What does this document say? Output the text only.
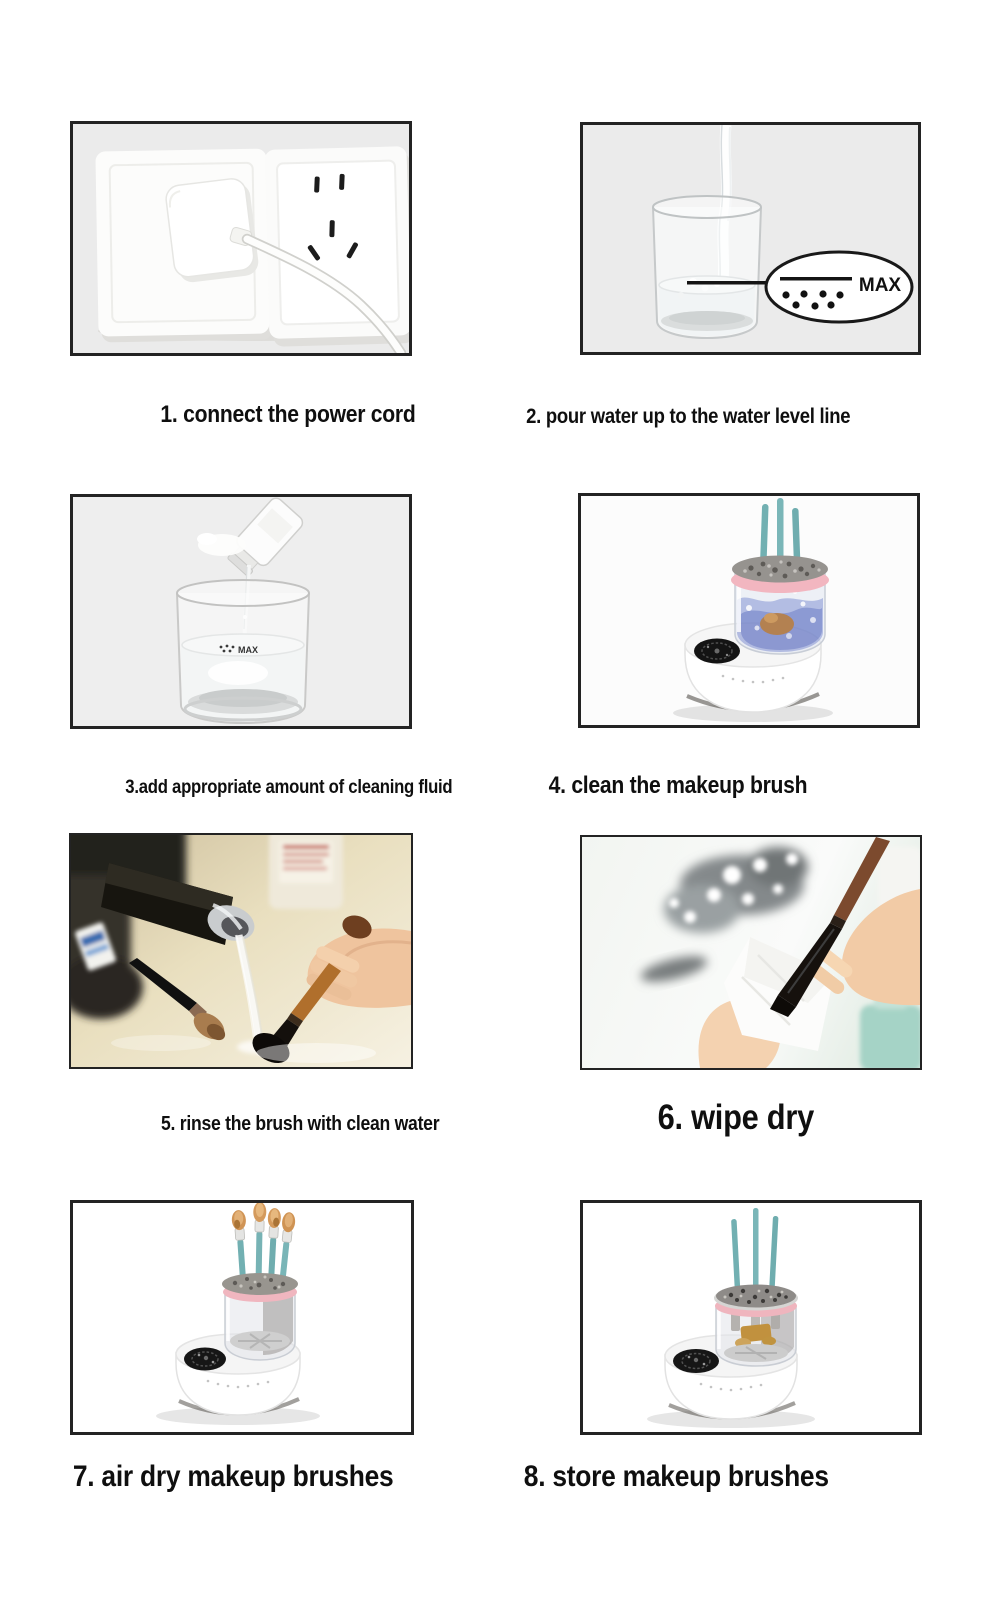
MAX
MAX
1. connect the power cord	2. pour water up to the water level line
3.add appropriate amount of cleaning fluid	4. clean the makeup brush
5. rinse the brush with clean water	6. wipe dry
7. air dry makeup brushes	8. store makeup brushes
